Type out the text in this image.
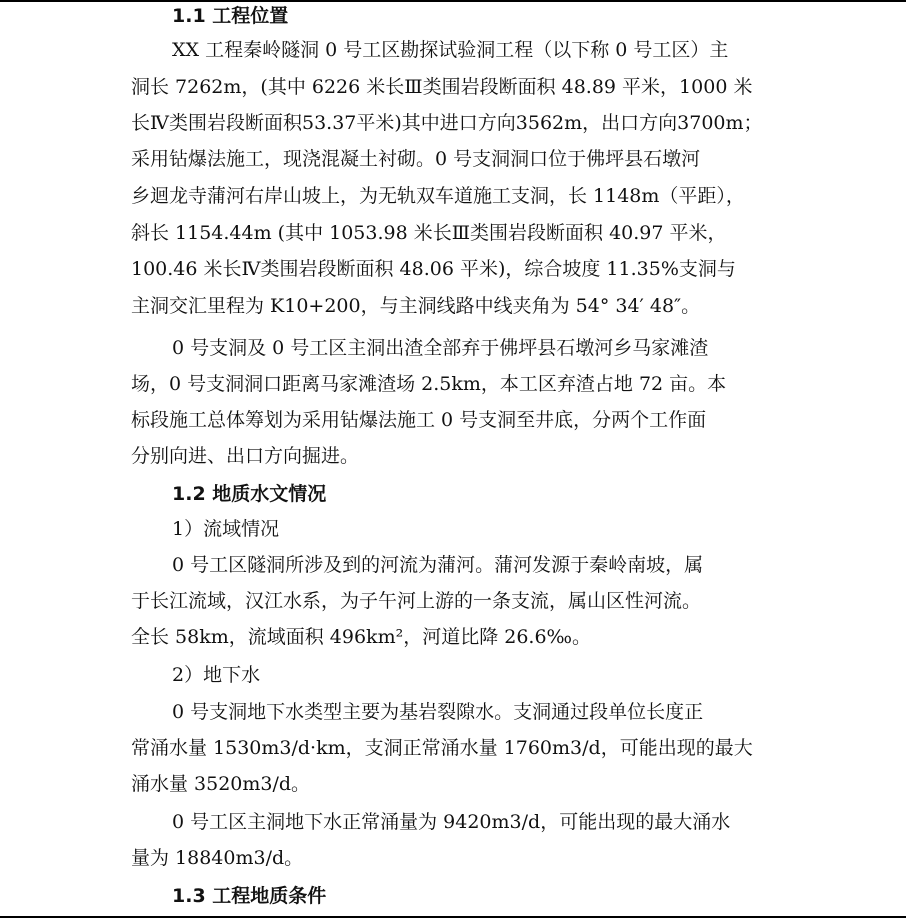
1.1 工程位置
XX 工程秦岭隧洞 0 号工区勘探试验洞工程（以下称 0 号工区）主
洞长 7262m，(其中 6226 米长Ⅲ类围岩段断面积 48.89 平米，1000 米
长Ⅳ类围岩段断面积53.37平米)其中进口方向3562m，出口方向3700m；
采用钻爆法施工，现浇混凝土衬砌。0 号支洞洞口位于佛坪县石墩河
乡迴龙寺蒲河右岸山坡上，为无轨双车道施工支洞，长 1148m（平距），
斜长 1154.44m (其中 1053.98 米长Ⅲ类围岩段断面积 40.97 平米，
100.46 米长Ⅳ类围岩段断面积 48.06 平米)，综合坡度 11.35%支洞与
主洞交汇里程为 K10+200，与主洞线路中线夹角为 54° 34′ 48″。
0 号支洞及 0 号工区主洞出渣全部弃于佛坪县石墩河乡马家滩渣
场，0 号支洞洞口距离马家滩渣场 2.5km，本工区弃渣占地 72 亩。本
标段施工总体筹划为采用钻爆法施工 0 号支洞至井底，分两个工作面
分别向进、出口方向掘进。
1.2 地质水文情况
1）流域情况
0 号工区隧洞所涉及到的河流为蒲河。蒲河发源于秦岭南坡，属
于长江流域，汉江水系，为子午河上游的一条支流，属山区性河流。
全长 58km，流域面积 496km²，河道比降 26.6‰。
2）地下水
0 号支洞地下水类型主要为基岩裂隙水。支洞通过段单位长度正
常涌水量 1530m3/d·km，支洞正常涌水量 1760m3/d，可能出现的最大
涌水量 3520m3/d。
0 号工区主洞地下水正常涌量为 9420m3/d，可能出现的最大涌水
量为 18840m3/d。
1.3 工程地质条件
